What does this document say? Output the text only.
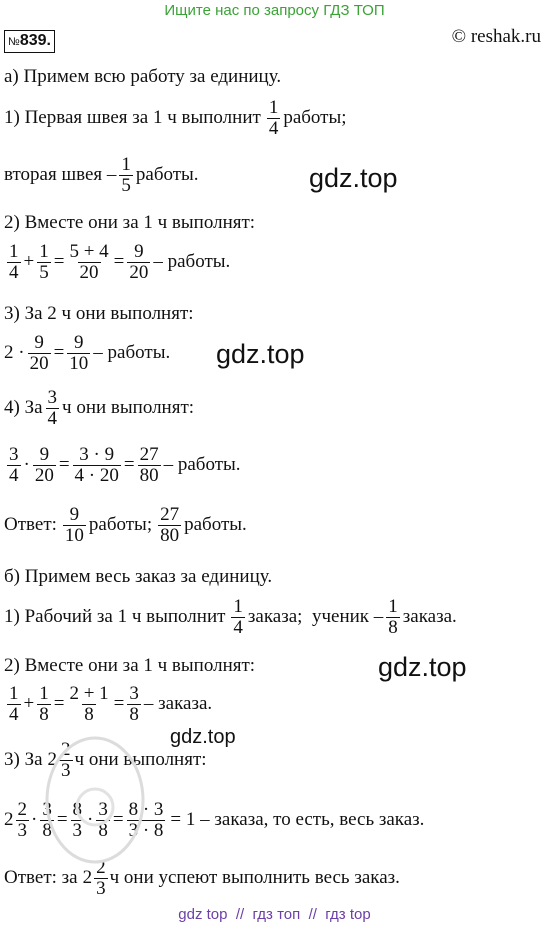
Ищите нас по запросу ГДЗ ТОП
№839.	© reshak.ru
а) Примем всю работу за единицу.
1) Первая швея за 1 ч выполнит $\frac{1}{4}$ работы;
вторая швея – $\frac{1}{5}$ работы.
2) Вместе они за 1 ч выполнят:
$\frac{1}{4} + \frac{1}{5} = \frac{5 + 4}{20} = \frac{9}{20}$ – работы.
3) За 2 ч они выполнят:
$2 \cdot \frac{9}{20} = \frac{9}{10}$ – работы.
4) За $\frac{3}{4}$ ч они выполнят:
$\frac{3}{4} \cdot \frac{9}{20} = \frac{3 \cdot 9}{4 \cdot 20} = \frac{27}{80}$ – работы.
Ответ: $\frac{9}{10}$ работы; $\frac{27}{80}$ работы.
б) Примем весь заказ за единицу.
1) Рабочий за 1 ч выполнит $\frac{1}{4}$ заказа;  ученик – $\frac{1}{8}$ заказа.
2) Вместе они за 1 ч выполнят:
$\frac{1}{4} + \frac{1}{8} = \frac{2 + 1}{8} = \frac{3}{8}$ – заказа.
3) За $2 \frac{2}{3}$ ч они выполнят:
$2 \frac{2}{3} \cdot \frac{3}{8} = \frac{8}{3} \cdot \frac{3}{8} = \frac{8 \cdot 3}{3 \cdot 8} = 1$ – заказа, то есть, весь заказ.
Ответ: за $2 \frac{2}{3}$ ч они успеют выполнить весь заказ.
gdz.top
gdz.top
gdz.top
gdz.top
gdz top  //  гдз топ  //  гдз top
